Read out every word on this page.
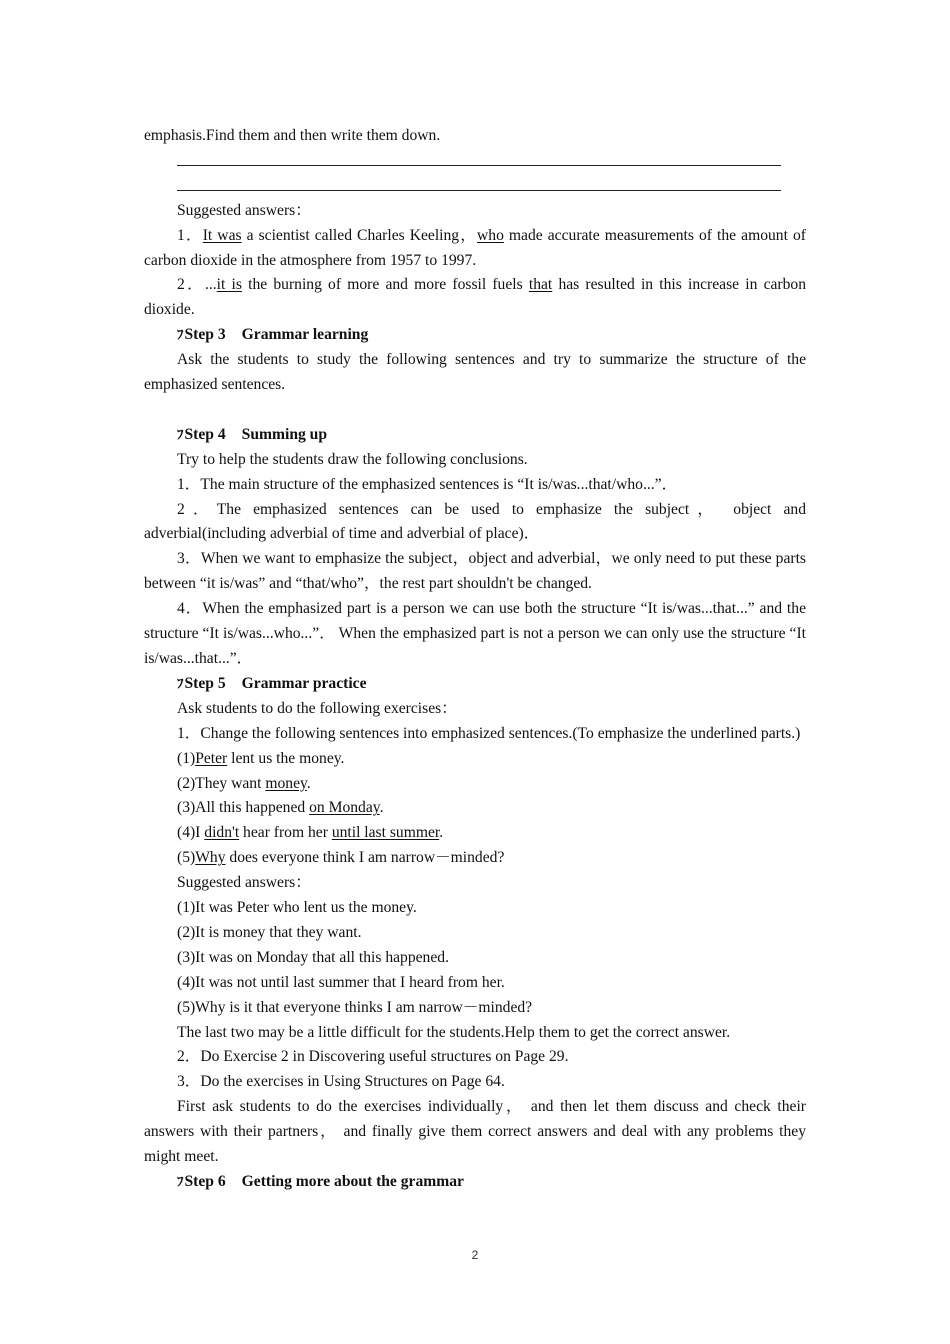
emphasis.Find them and then write them down.

Suggested answers：

1．It was a scientist called Charles Keeling，who made accurate measurements of the amount of carbon dioxide in the atmosphere from 1957 to 1997.

2．...it is the burning of more and more fossil fuels that has resulted in this increase in carbon dioxide.

ﾌStep 3 Grammar learning

Ask the students to study the following sentences and try to summarize the structure of the emphasized sentences.

ﾌStep 4 Summing up

Try to help the students draw the following conclusions.

1．The main structure of the emphasized sentences is “It is/was...that/who...”．

2．The emphasized sentences can be used to emphasize the subject， object and adverbial(including adverbial of time and adverbial of place)．

3．When we want to emphasize the subject，object and adverbial，we only need to put these parts between “it is/was” and “that/who”，the rest part shouldn't be changed.

4．When the emphasized part is a person we can use both the structure “It is/was...that...” and the structure “It is/was...who...”． When the emphasized part is not a person we can only use the structure “It is/was...that...”．

ﾌStep 5 Grammar practice

Ask students to do the following exercises：

1．Change the following sentences into emphasized sentences.(To emphasize the underlined parts.)

(1)Peter lent us the money.

(2)They want money.

(3)All this happened on Monday.

(4)I didn't hear from her until last summer.

(5)Why does everyone think I am narrow－minded?

Suggested answers：

(1)It was Peter who lent us the money.

(2)It is money that they want.

(3)It was on Monday that all this happened.

(4)It was not until last summer that I heard from her.

(5)Why is it that everyone thinks I am narrow－minded?

The last two may be a little difficult for the students.Help them to get the correct answer.

2．Do Exercise 2 in Discovering useful structures on Page 29.

3．Do the exercises in Using Structures on Page 64.

First ask students to do the exercises individually， and then let them discuss and check their answers with their partners， and finally give them correct answers and deal with any problems they might meet.

ﾌStep 6 Getting more about the grammar

2
